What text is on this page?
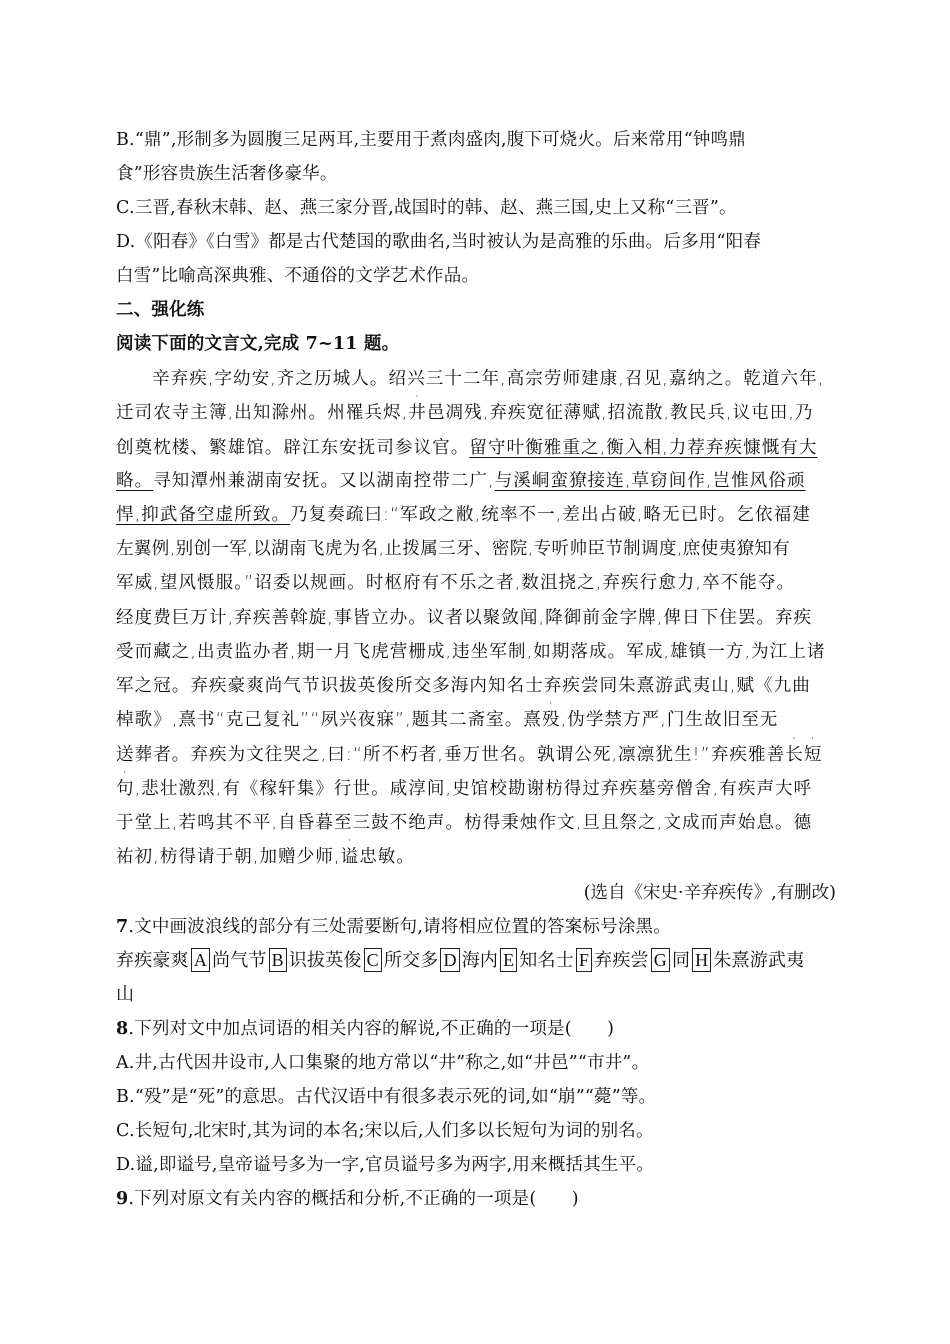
B.“鼎”,形制多为圆腹三足两耳,主要用于煮肉盛肉,腹下可烧火。后来常用“钟鸣鼎
食”形容贵族生活奢侈豪华。
C.三晋,春秋末韩、赵、燕三家分晋,战国时的韩、赵、燕三国,史上又称“三晋”。
D.《阳春》《白雪》都是古代楚国的歌曲名,当时被认为是高雅的乐曲。后多用“阳春
白雪”比喻高深典雅、不通俗的文学艺术作品。
二、强化练
阅读下面的文言文,完成 7~11 题。
辛弃疾,字幼安,齐之历城人。绍兴三十二年,高宗劳师建康,召见,嘉纳之。乾道六年,
迁司农寺主簿,出知滁州。州罹兵烬,井邑凋残,弃疾宽征薄赋,招流散,教民兵,议屯田,乃
创奠枕楼、繁雄馆。辟江东安抚司参议官。留守叶衡雅重之,衡入相,力荐弃疾慷慨有大
略。寻知潭州兼湖南安抚。又以湖南控带二广,与溪峒蛮獠接连,草窃间作,岂惟风俗顽
悍,抑武备空虚所致。乃复奏疏曰:“军政之敝,统率不一,差出占破,略无已时。乞依福建
左翼例,别创一军,以湖南飞虎为名,止拨属三牙、密院,专听帅臣节制调度,庶使夷獠知有
军威,望风慑服。”诏委以规画。时枢府有不乐之者,数沮挠之,弃疾行愈力,卒不能夺。
经度费巨万计,弃疾善斡旋,事皆立办。议者以聚敛闻,降御前金字牌,俾日下住罢。弃疾
受而藏之,出责监办者,期一月飞虎营栅成,违坐军制,如期落成。军成,雄镇一方,为江上诸
军之冠。弃疾豪爽尚气节识拔英俊所交多海内知名士弃疾尝同朱熹游武夷山,赋《九曲
棹歌》,熹书“克己复礼”“夙兴夜寐”,题其二斋室。熹殁,伪学禁方严,门生故旧至无
送葬者。弃疾为文往哭之,曰:“所不朽者,垂万世名。孰谓公死,凛凛犹生!”弃疾雅善长短
句,悲壮激烈,有《稼轩集》行世。咸淳间,史馆校勘谢枋得过弃疾墓旁僧舍,有疾声大呼
于堂上,若鸣其不平,自昏暮至三鼓不绝声。枋得秉烛作文,旦且祭之,文成而声始息。德
祐初,枋得请于朝,加赠少师,谥忠敏。
(选自《宋史·辛弃疾传》,有删改)
7.文中画波浪线的部分有三处需要断句,请将相应位置的答案标号涂黑。
弃疾豪爽 A 尚气节 B 识拔英俊 C 所交多 D 海内 E 知名士 F 弃疾尝 G 同 H 朱熹游武夷
山
8.下列对文中加点词语的相关内容的解说,不正确的一项是(　　)
A.井,古代因井设市,人口集聚的地方常以“井”称之,如“井邑”“市井”。
B.“殁”是“死”的意思。古代汉语中有很多表示死的词,如“崩”“薨”等。
C.长短句,北宋时,其为词的本名;宋以后,人们多以长短句为词的别名。
D.谥,即谥号,皇帝谥号多为一字,官员谥号多为两字,用来概括其生平。
9.下列对原文有关内容的概括和分析,不正确的一项是(　　)
